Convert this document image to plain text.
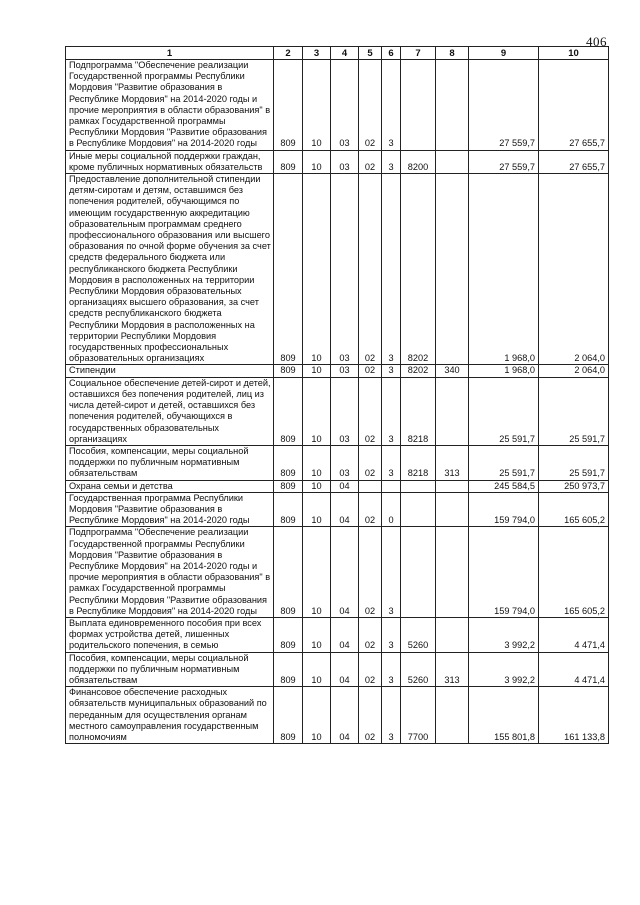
406
1	2	3	4	5	6	7	8	9	10
Подпрограмма "Обеспечение реализации Государственной программы Республики Мордовия "Развитие образования в Республике Мордовия" на 2014-2020 годы и прочие мероприятия в области образования" в рамках Государственной программы Республики Мордовия "Развитие образования в Республике Мордовия" на 2014-2020 годы	809	10	03	02	3			27 559,7	27 655,7
Иные меры социальной поддержки граждан, кроме публичных нормативных обязательств	809	10	03	02	3	8200		27 559,7	27 655,7
Предоставление дополнительной стипендии детям-сиротам и детям, оставшимся без попечения родителей, обучающимся по имеющим государственную аккредитацию образовательным программам среднего профессионального образования или высшего образования по очной форме обучения за счет средств федерального бюджета или республиканского бюджета Республики Мордовия в расположенных на территории Республики Мордовия образовательных организациях высшего образования, за счет средств республиканского бюджета Республики Мордовия в расположенных на территории Республики Мордовия государственных профессиональных образовательных организациях	809	10	03	02	3	8202		1 968,0	2 064,0
Стипендии	809	10	03	02	3	8202	340	1 968,0	2 064,0
Социальное обеспечение детей-сирот и детей, оставшихся без попечения родителей, лиц из числа детей-сирот и детей, оставшихся без попечения родителей, обучающихся в государственных образовательных организациях	809	10	03	02	3	8218		25 591,7	25 591,7
Пособия, компенсации, меры социальной поддержки по публичным нормативным обязательствам	809	10	03	02	3	8218	313	25 591,7	25 591,7
Охрана семьи и детства	809	10	04					245 584,5	250 973,7
Государственная программа Республики Мордовия "Развитие образования в Республике Мордовия" на 2014-2020 годы	809	10	04	02	0			159 794,0	165 605,2
Подпрограмма "Обеспечение реализации Государственной программы Республики Мордовия "Развитие образования в Республике Мордовия" на 2014-2020 годы и прочие мероприятия в области образования" в рамках Государственной программы Республики Мордовия "Развитие образования в Республике Мордовия" на 2014-2020 годы	809	10	04	02	3			159 794,0	165 605,2
Выплата единовременного пособия при всех формах устройства детей, лишенных родительского попечения, в семью	809	10	04	02	3	5260		3 992,2	4 471,4
Пособия, компенсации, меры социальной поддержки по публичным нормативным обязательствам	809	10	04	02	3	5260	313	3 992,2	4 471,4
Финансовое обеспечение расходных обязательств муниципальных образований по переданным для осуществления органам местного самоуправления государственным полномочиям	809	10	04	02	3	7700		155 801,8	161 133,8
